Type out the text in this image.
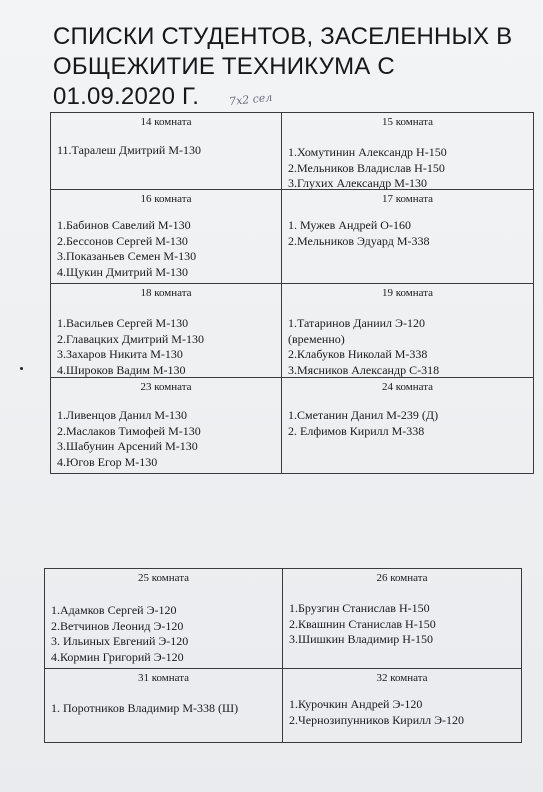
СПИСКИ СТУДЕНТОВ, ЗАСЕЛЕННЫХ В
ОБЩЕЖИТИЕ ТЕХНИКУМА С
01.09.2020 Г.	7х2 сел
14 комната
11.Таралеш Дмитрий М-130
15 комната
1.Хомутинин Александр Н-150
2.Мельников Владислав Н-150
3.Глухих Александр М-130
16 комната
1.Бабинов Савелий М-130
2.Бессонов Сергей М-130
3.Показаньев Семен М-130
4.Щукин Дмитрий М-130
17 комната
1. Мужев Андрей О-160
2.Мельников Эдуард М-338
18 комната
1.Васильев Сергей М-130
2.Главацких Дмитрий М-130
3.Захаров Никита М-130
4.Широков Вадим М-130
19 комната
1.Татаринов Даниил Э-120
(временно)
2.Клабуков Николай М-338
3.Мясников Александр С-318
23 комната
1.Ливенцов Данил М-130
2.Маслаков Тимофей М-130
3.Шабунин Арсений М-130
4.Югов Егор М-130
24 комната
1.Сметанин Данил М-239 (Д)
2. Елфимов Кирилл М-338
25 комната
1.Адамков Сергей Э-120
2.Ветчинов Леонид Э-120
3. Ильиных Евгений Э-120
4.Кормин Григорий Э-120
26 комната
1.Брузгин Станислав Н-150
2.Квашнин Станислав Н-150
3.Шишкин Владимир Н-150
31 комната
1. Поротников Владимир М-338 (Ш)
32 комната
1.Курочкин Андрей Э-120
2.Чернозипунников Кирилл Э-120
